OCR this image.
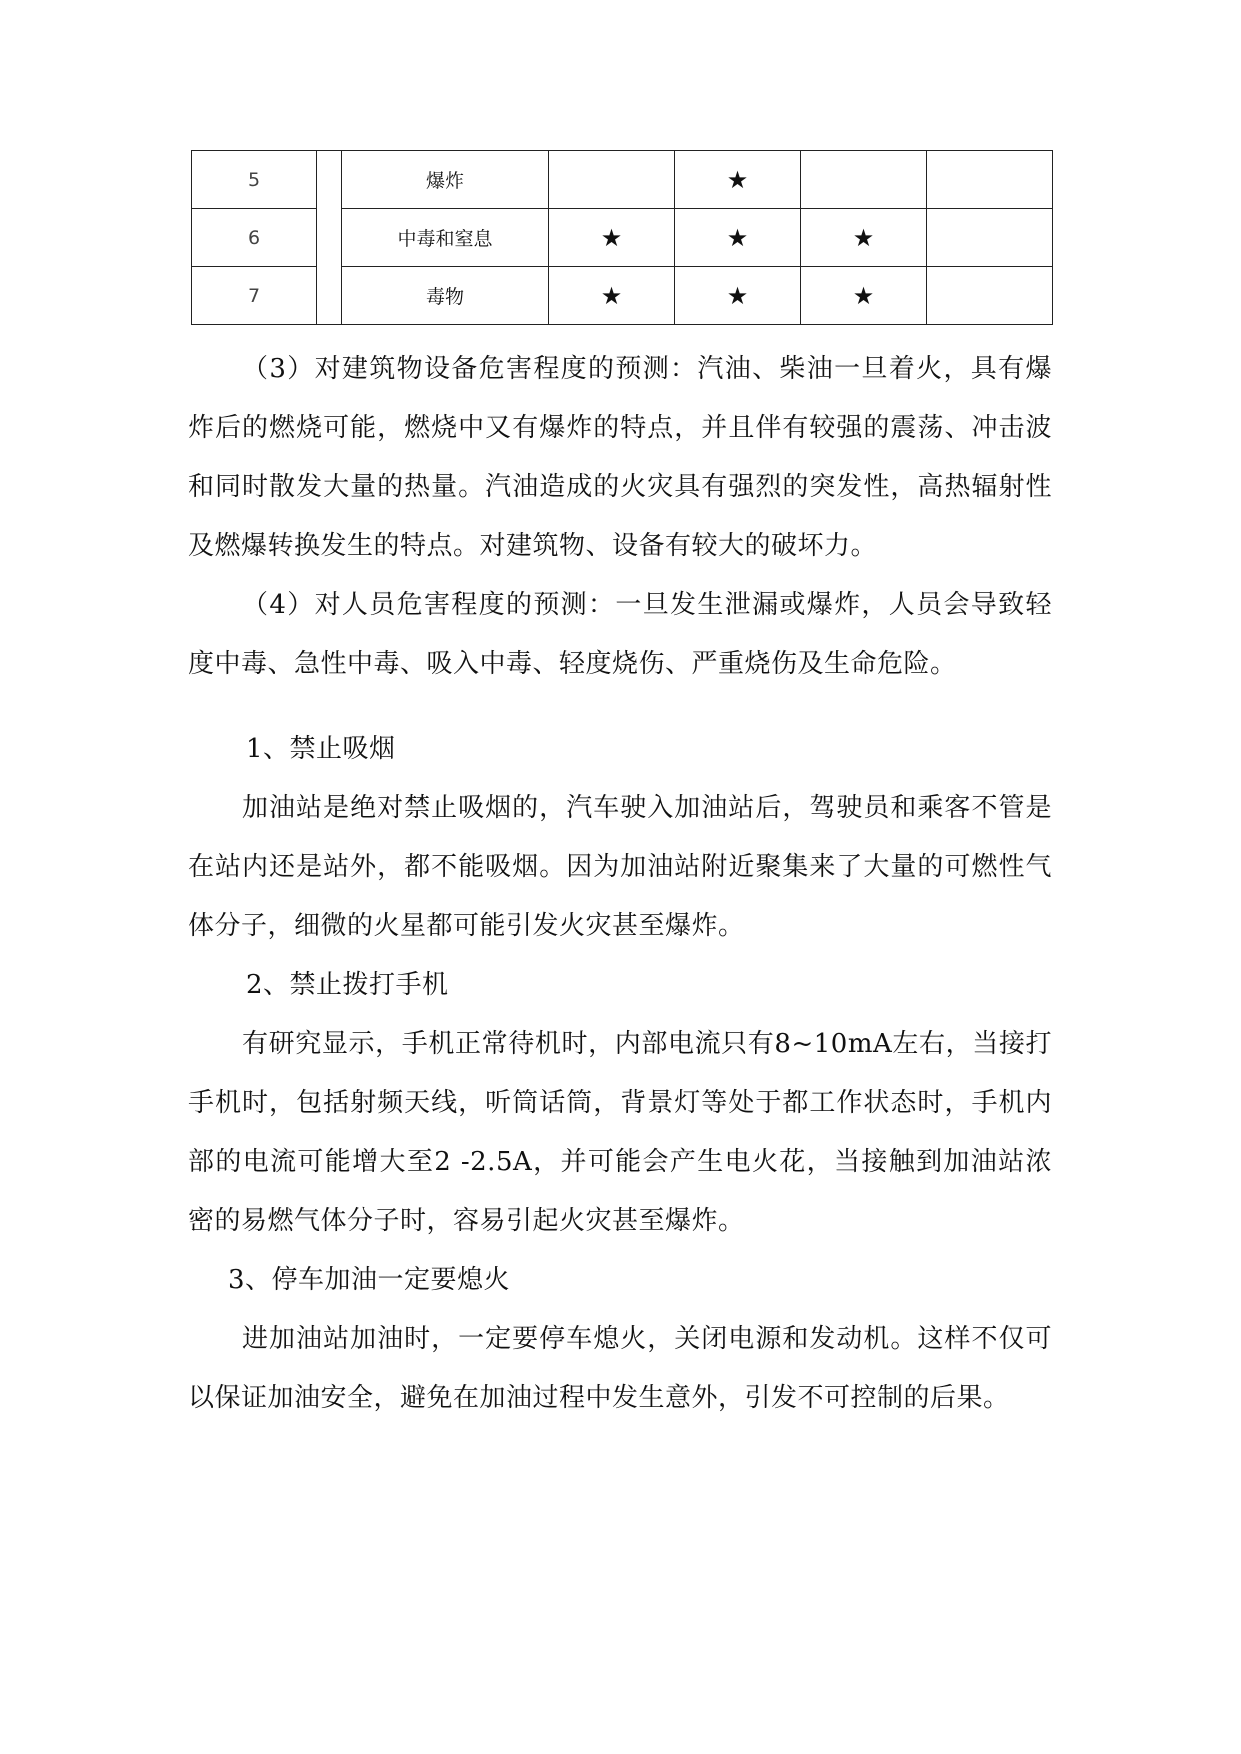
5		爆炸		★		
6		中毒和窒息	★	★	★	
7		毒物	★	★	★	

（3）对建筑物设备危害程度的预测：汽油、柴油一旦着火，具有爆炸后的燃烧可能，燃烧中又有爆炸的特点，并且伴有较强的震荡、冲击波和同时散发大量的热量。汽油造成的火灾具有强烈的突发性，高热辐射性及燃爆转换发生的特点。对建筑物、设备有较大的破坏力。

（4）对人员危害程度的预测：一旦发生泄漏或爆炸，人员会导致轻度中毒、急性中毒、吸入中毒、轻度烧伤、严重烧伤及生命危险。

1、禁止吸烟

加油站是绝对禁止吸烟的，汽车驶入加油站后，驾驶员和乘客不管是在站内还是站外，都不能吸烟。因为加油站附近聚集来了大量的可燃性气体分子，细微的火星都可能引发火灾甚至爆炸。

2、禁止拨打手机

有研究显示，手机正常待机时，内部电流只有8~10mA左右，当接打手机时，包括射频天线，听筒话筒，背景灯等处于都工作状态时，手机内部的电流可能增大至2 -2.5A，并可能会产生电火花，当接触到加油站浓密的易燃气体分子时，容易引起火灾甚至爆炸。

3、停车加油一定要熄火

进加油站加油时，一定要停车熄火，关闭电源和发动机。这样不仅可以保证加油安全，避免在加油过程中发生意外，引发不可控制的后果。
